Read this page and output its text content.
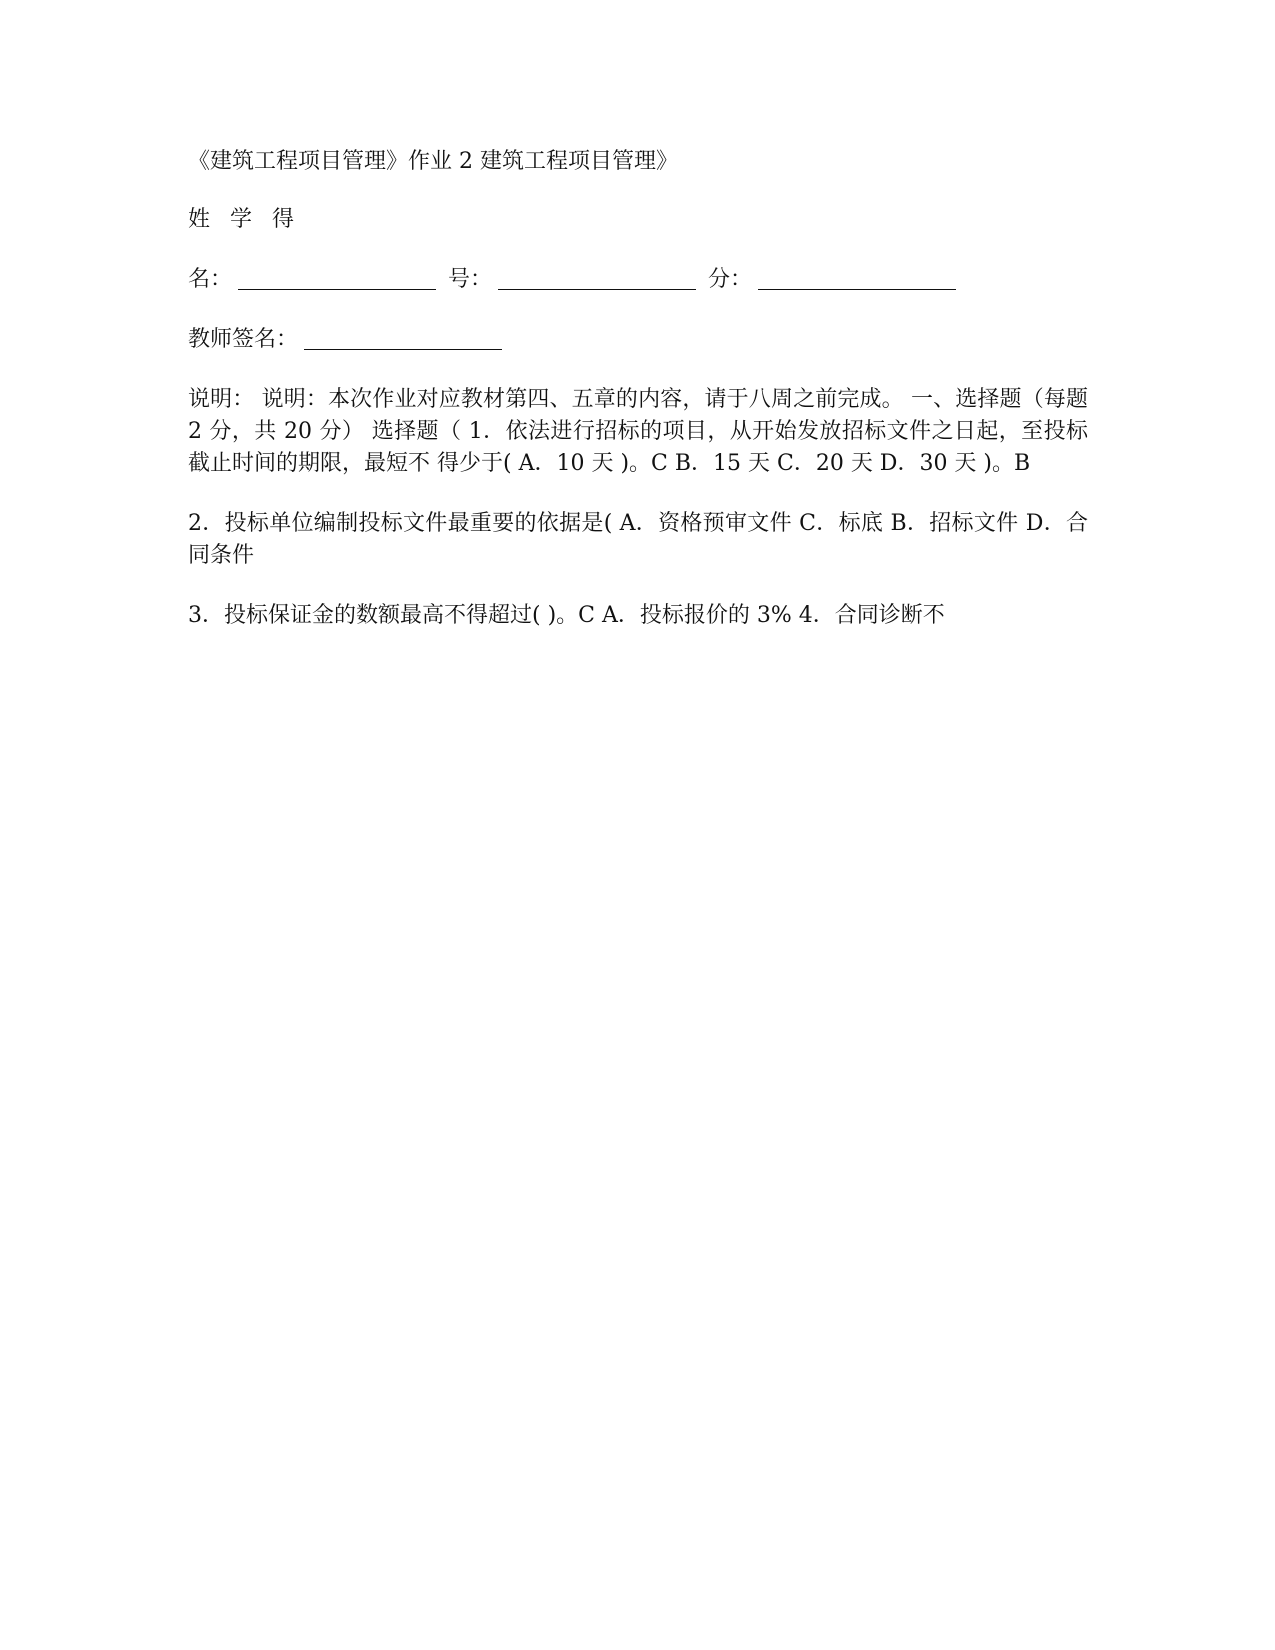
《建筑工程项目管理》作业 2 建筑工程项目管理》

姓 学 得
名：	号：	分：
教师签名：

说明： 说明：本次作业对应教材第四、五章的内容，请于八周之前完成。 一、选择题（每题 2 分，共 20 分） 选择题（ 1．依法进行招标的项目，从开始发放招标文件之日起，至投标截止时间的期限，最短不 得少于( A．10 天 )。C B．15 天 C．20 天 D．30 天 )。B

2．投标单位编制投标文件最重要的依据是( A．资格预审文件 C．标底 B．招标文件 D．合同条件

3．投标保证金的数额最高不得超过( )。C A．投标报价的 3% 4．合同诊断不
